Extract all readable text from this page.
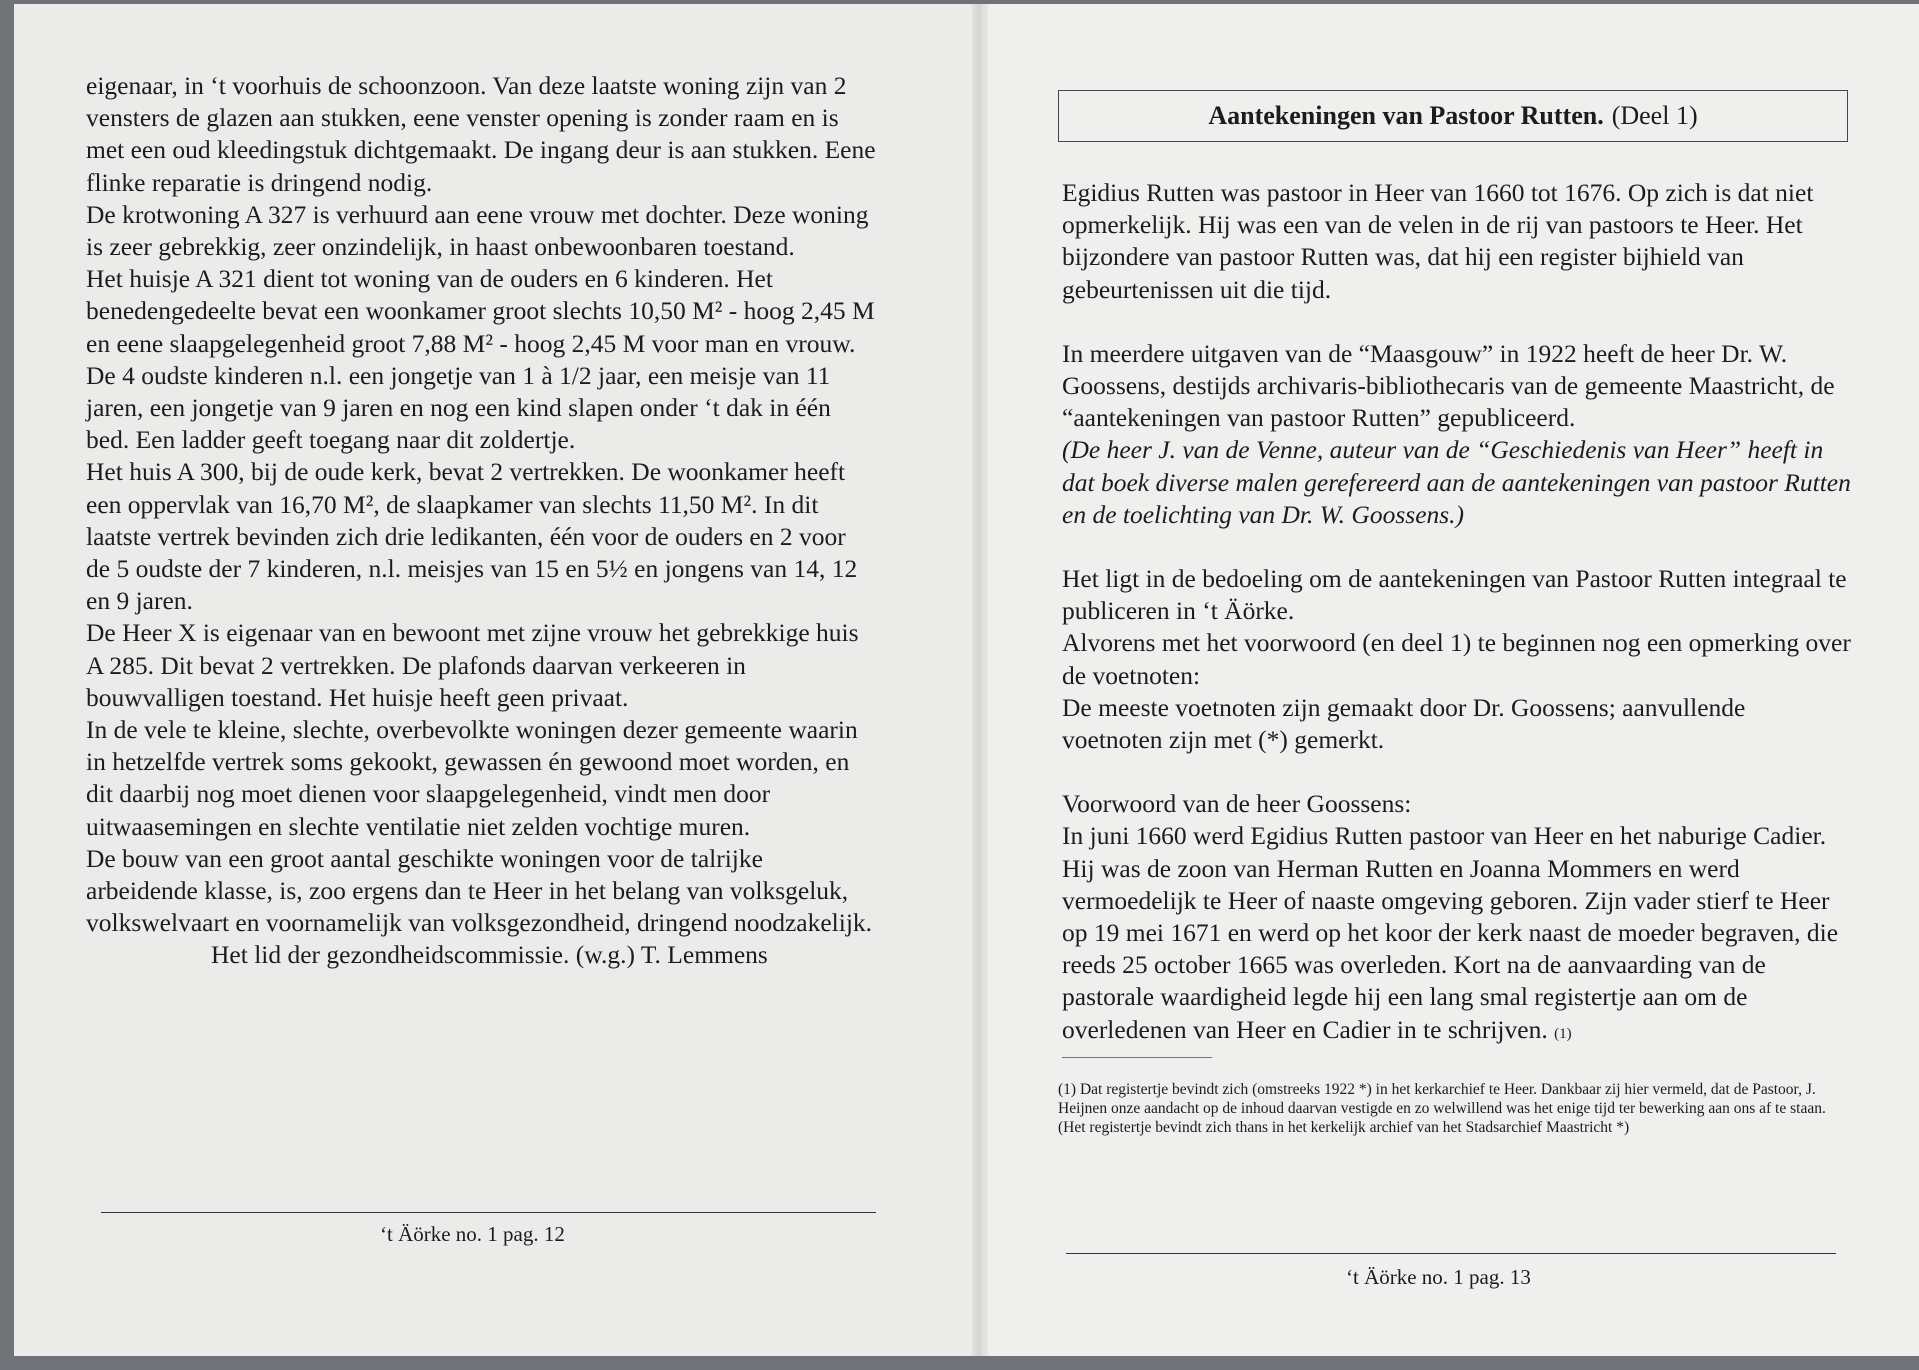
eigenaar, in ‘t voorhuis de schoonzoon. Van deze laatste woning zijn van 2 vensters de glazen aan stukken, eene venster opening is zonder raam en is met een oud kleedingstuk dichtgemaakt. De ingang deur is aan stukken. Eene flinke reparatie is dringend nodig.

De krotwoning A 327 is verhuurd aan eene vrouw met dochter. Deze woning is zeer gebrekkig, zeer onzindelijk, in haast onbewoonbaren toestand.

Het huisje A 321 dient tot woning van de ouders en 6 kinderen. Het benedengedeelte bevat een woonkamer groot slechts 10,50 M² - hoog 2,45 M en eene slaapgelegenheid groot 7,88 M² - hoog 2,45 M voor man en vrouw. De 4 oudste kinderen n.l. een jongetje van 1 à 1/2 jaar, een meisje van 11 jaren, een jongetje van 9 jaren en nog een kind slapen onder ‘t dak in één bed. Een ladder geeft toegang naar dit zoldertje.

Het huis A 300, bij de oude kerk, bevat 2 vertrekken. De woonkamer heeft een oppervlak van 16,70 M², de slaapkamer van slechts 11,50 M². In dit laatste vertrek bevinden zich drie ledikanten, één voor de ouders en 2 voor de 5 oudste der 7 kinderen, n.l. meisjes van 15 en 5½ en jongens van 14, 12 en 9 jaren.

De Heer X is eigenaar van en bewoont met zijne vrouw het gebrekkige huis A 285. Dit bevat 2 vertrekken. De plafonds daarvan verkeeren in bouwvalligen toestand. Het huisje heeft geen privaat.

In de vele te kleine, slechte, overbevolkte woningen dezer gemeente waarin in hetzelfde vertrek soms gekookt, gewassen én gewoond moet worden, en dit daarbij nog moet dienen voor slaapgelegenheid, vindt men door uitwaasemingen en slechte ventilatie niet zelden vochtige muren.

De bouw van een groot aantal geschikte woningen voor de talrijke arbeidende klasse, is, zoo ergens dan te Heer in het belang van volksgeluk, volkswelvaart en voornamelijk van volksgezondheid, dringend noodzakelijk.

Het lid der gezondheidscommissie. (w.g.) T. Lemmens

‘t Äörke no. 1 pag. 12
Aantekeningen van Pastoor Rutten. (Deel 1)

Egidius Rutten was pastoor in Heer van 1660 tot 1676. Op zich is dat niet opmerkelijk. Hij was een van de velen in de rij van pastoors te Heer. Het bijzondere van pastoor Rutten was, dat hij een register bijhield van gebeurtenissen uit die tijd.

In meerdere uitgaven van de “Maasgouw” in 1922 heeft de heer Dr. W. Goossens, destijds archivaris-bibliothecaris van de gemeente Maastricht, de “aantekeningen van pastoor Rutten” gepubliceerd.

(De heer J. van de Venne, auteur van de “Geschiedenis van Heer” heeft in dat boek diverse malen gerefereerd aan de aantekeningen van pastoor Rutten en de toelichting van Dr. W. Goossens.)

Het ligt in de bedoeling om de aantekeningen van Pastoor Rutten integraal te publiceren in ‘t Äörke.

Alvorens met het voorwoord (en deel 1) te beginnen nog een opmerking over de voetnoten:

De meeste voetnoten zijn gemaakt door Dr. Goossens; aanvullende voetnoten zijn met (*) gemerkt.

Voorwoord van de heer Goossens:

In juni 1660 werd Egidius Rutten pastoor van Heer en het naburige Cadier. Hij was de zoon van Herman Rutten en Joanna Mommers en werd vermoedelijk te Heer of naaste omgeving geboren. Zijn vader stierf te Heer op 19 mei 1671 en werd op het koor der kerk naast de moeder begraven, die reeds 25 october 1665 was overleden. Kort na de aanvaarding van de pastorale waardigheid legde hij een lang smal registertje aan om de overledenen van Heer en Cadier in te schrijven. (1)

(1) Dat registertje bevindt zich (omstreeks 1922 *) in het kerkarchief te Heer. Dankbaar zij hier vermeld, dat de Pastoor, J. Heijnen onze aandacht op de inhoud daarvan vestigde en zo welwillend was het enige tijd ter bewerking aan ons af te staan.

(Het registertje bevindt zich thans in het kerkelijk archief van het Stadsarchief Maastricht *)

‘t Äörke no. 1 pag. 13
